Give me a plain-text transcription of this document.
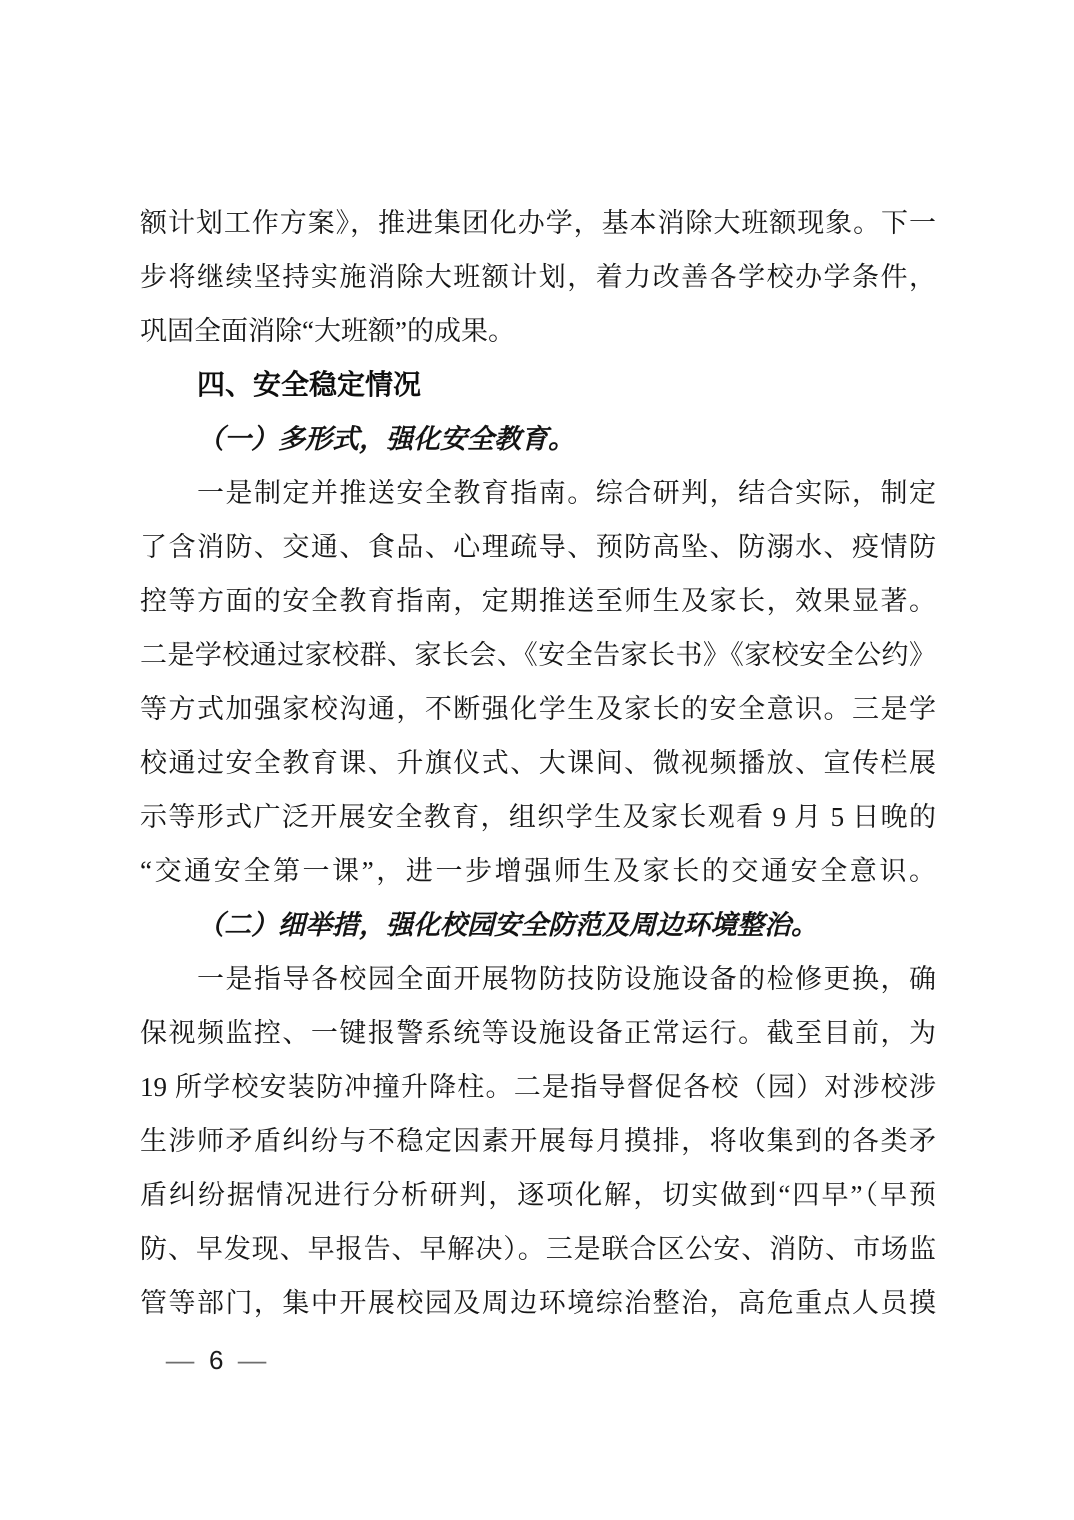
额计划工作方案》，推进集团化办学，基本消除大班额现象。下一
步将继续坚持实施消除大班额计划，着力改善各学校办学条件，
巩固全面消除“大班额”的成果。
四、安全稳定情况
（一）多形式，强化安全教育。
一是制定并推送安全教育指南。综合研判，结合实际，制定
了含消防、交通、食品、心理疏导、预防高坠、防溺水、疫情防
控等方面的安全教育指南，定期推送至师生及家长，效果显著。
二是学校通过家校群、家长会、《安全告家长书》《家校安全公约》
等方式加强家校沟通，不断强化学生及家长的安全意识。三是学
校通过安全教育课、升旗仪式、大课间、微视频播放、宣传栏展
示等形式广泛开展安全教育，组织学生及家长观看 9 月 5 日晚的
“交通安全第一课”，进一步增强师生及家长的交通安全意识。
（二）细举措，强化校园安全防范及周边环境整治。
一是指导各校园全面开展物防技防设施设备的检修更换，确
保视频监控、一键报警系统等设施设备正常运行。截至目前，为
19 所学校安装防冲撞升降柱。二是指导督促各校（园）对涉校涉
生涉师矛盾纠纷与不稳定因素开展每月摸排，将收集到的各类矛
盾纠纷据情况进行分析研判，逐项化解，切实做到“四早”（早预
防、早发现、早报告、早解决）。三是联合区公安、消防、市场监
管等部门，集中开展校园及周边环境综治整治，高危重点人员摸
— 6 —
